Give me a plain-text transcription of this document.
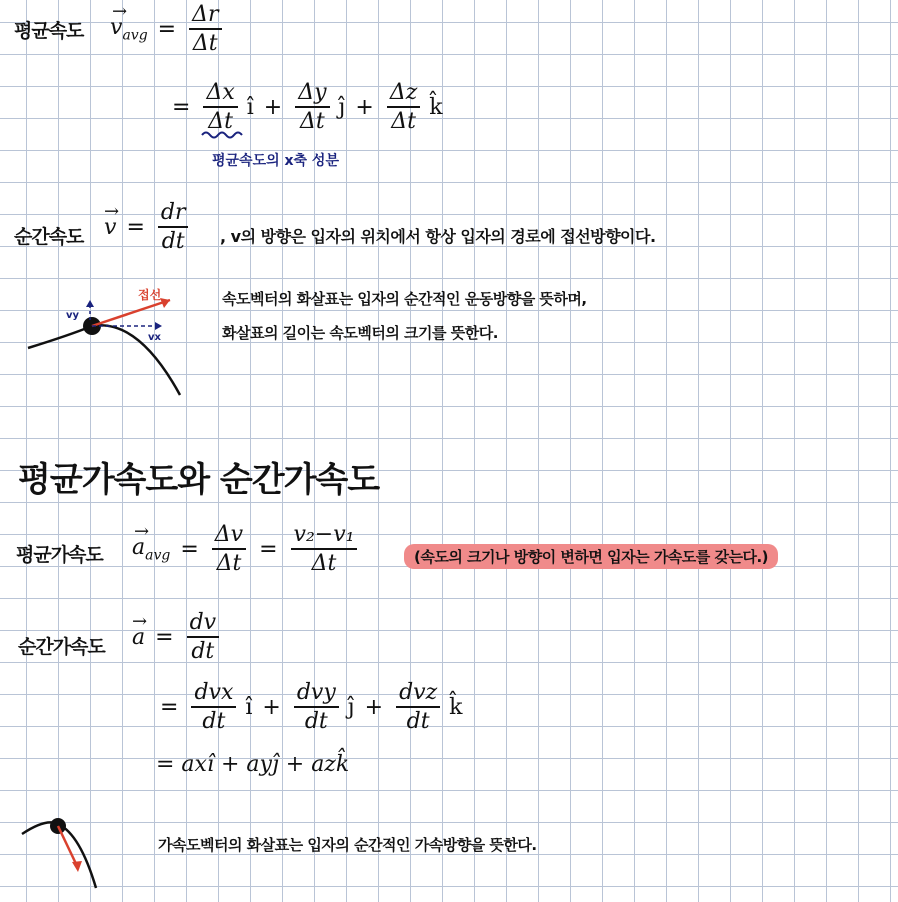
평균속도
→
$v_{avg} = \frac{\Delta r}{\Delta t}$
= $\frac{\Delta x}{\Delta t}$ î + $\frac{\Delta y}{\Delta t}$ ĵ + $\frac{\Delta z}{\Delta t}$ k̂
평균속도의 x축 성분
순간속도
→
$v = \frac{dr}{dt}$ , v의 방향은 입자의 위치에서 항상 입자의 경로에 접선방향이다.
접선
vy
vx
속도벡터의 화살표는 입자의 순간적인 운동방향을 뜻하며,
화살표의 길이는 속도벡터의 크기를 뜻한다.
평균가속도와 순간가속도
평균가속도
→
$a_{avg} = \frac{\Delta v}{\Delta t} = \frac{\text{v₂−v₁}}{\Delta t}$	(속도의 크기나 방향이 변하면 입자는 가속도를 갖는다.)
순간가속도
→
$a = \frac{dv}{dt}$
= $\frac{\text{dvx}}{dt}$ î + $\frac{\text{dvy}}{dt}$ ĵ + $\frac{\text{dvz}}{dt}$ k̂
= axî + ayĵ + azk̂
가속도벡터의 화살표는 입자의 순간적인 가속방향을 뜻한다.
